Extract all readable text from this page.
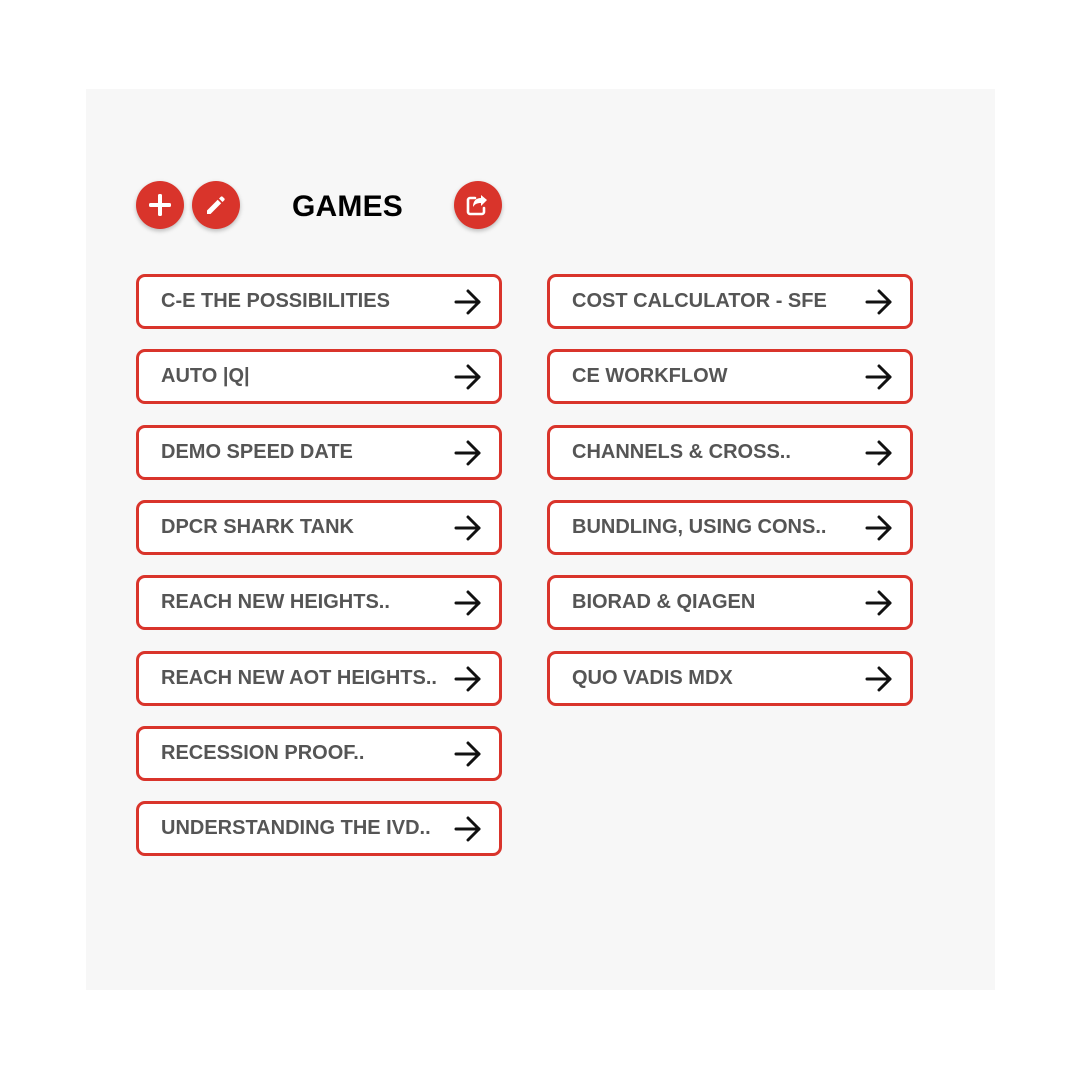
GAMES
C-E THE POSSIBILITIES
AUTO |Q|
DEMO SPEED DATE
DPCR SHARK TANK
REACH NEW HEIGHTS..
REACH NEW AOT HEIGHTS..
RECESSION PROOF..
UNDERSTANDING THE IVD..
COST CALCULATOR - SFE
CE WORKFLOW
CHANNELS & CROSS..
BUNDLING, USING CONS..
BIORAD & QIAGEN
QUO VADIS MDX
